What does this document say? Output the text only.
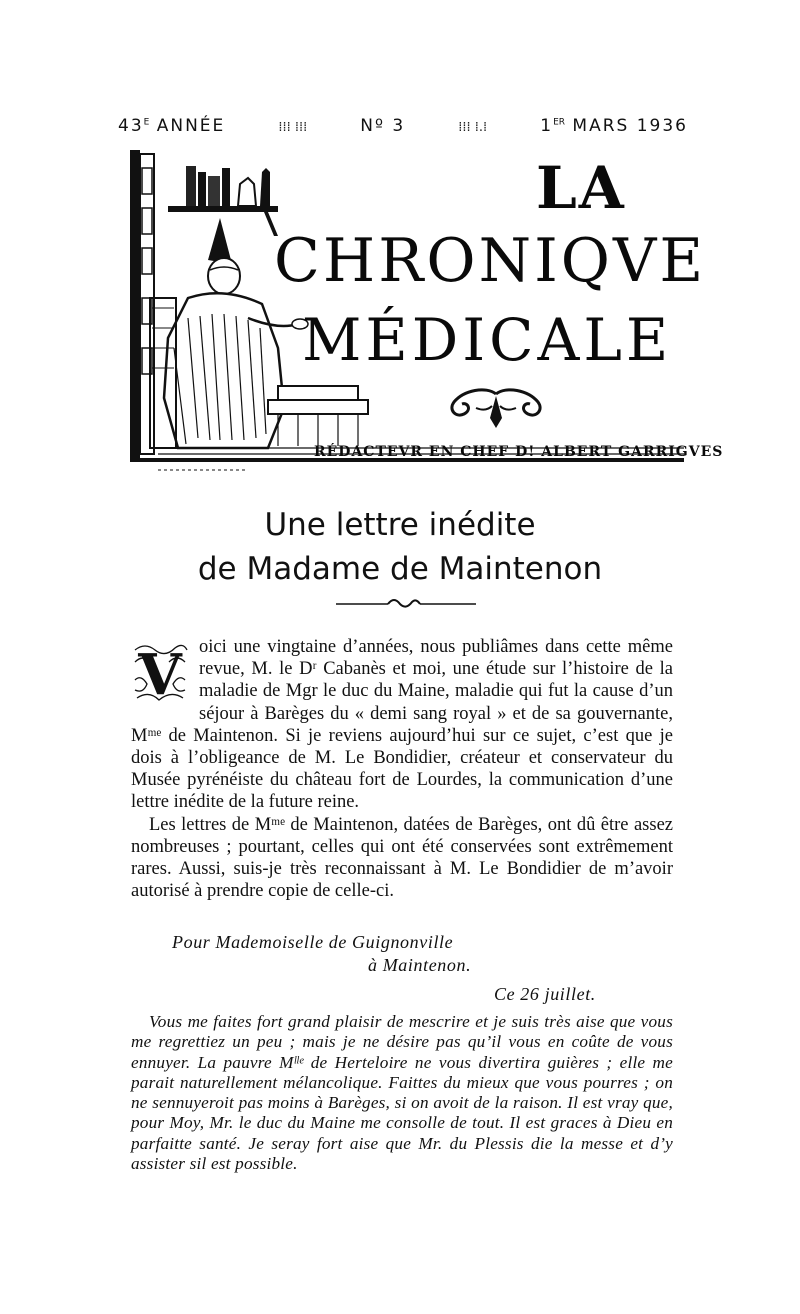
$43^E$ ANNÉE	⁞⁞⁞ ⁞⁞⁞	Nº 3	⁞⁞⁞ ⁞.⁞	1ER MARS 1936
LA
CHRONIQVE
MÉDICALE
RÉDACTEVR EN CHEF D! ALBERT GARRIGVES
Une lettre inédite
de Madame de Maintenon

V oici une vingtaine d’années, nous publiâmes dans cette même revue, M. le Dʳ Cabanès et moi, une étude sur l’histoire de la maladie de Mgr le duc du Maine, maladie qui fut la cause d’un séjour à Barèges du « demi sang royal » et de sa gouvernante, Mᵐᵉ de Maintenon. Si je reviens aujourd’hui sur ce sujet, c’est que je dois à l’obligeance de M. Le Bondidier, créateur et conservateur du Musée pyrénéiste du château fort de Lourdes, la communication d’une lettre inédite de la future reine.

Les lettres de Mᵐᵉ de Maintenon, datées de Barèges, ont dû être assez nombreuses ; pourtant, celles qui ont été conservées sont extrêmement rares. Aussi, suis-je très reconnaissant à M. Le Bondidier de m’avoir autorisé à prendre copie de celle-ci.

Pour Mademoiselle de Guignonville
à Maintenon.
Ce 26 juillet.

Vous me faites fort grand plaisir de mescrire et je suis très aise que vous me regrettiez un peu ; mais je ne désire pas qu’il vous en coûte de vous ennuyer. La pauvre Mˡˡᵉ de Herteloire ne vous divertira guières ; elle me parait naturellement mélancolique. Faittes du mieux que vous pourres ; on ne sennuyeroit pas moins à Barèges, si on avoit de la raison. Il est vray que, pour Moy, Mr. le duc du Maine me consolle de tout. Il est graces à Dieu en parfaitte santé. Je seray fort aise que Mr. du Plessis die la messe et d’y assister sil est possible.
